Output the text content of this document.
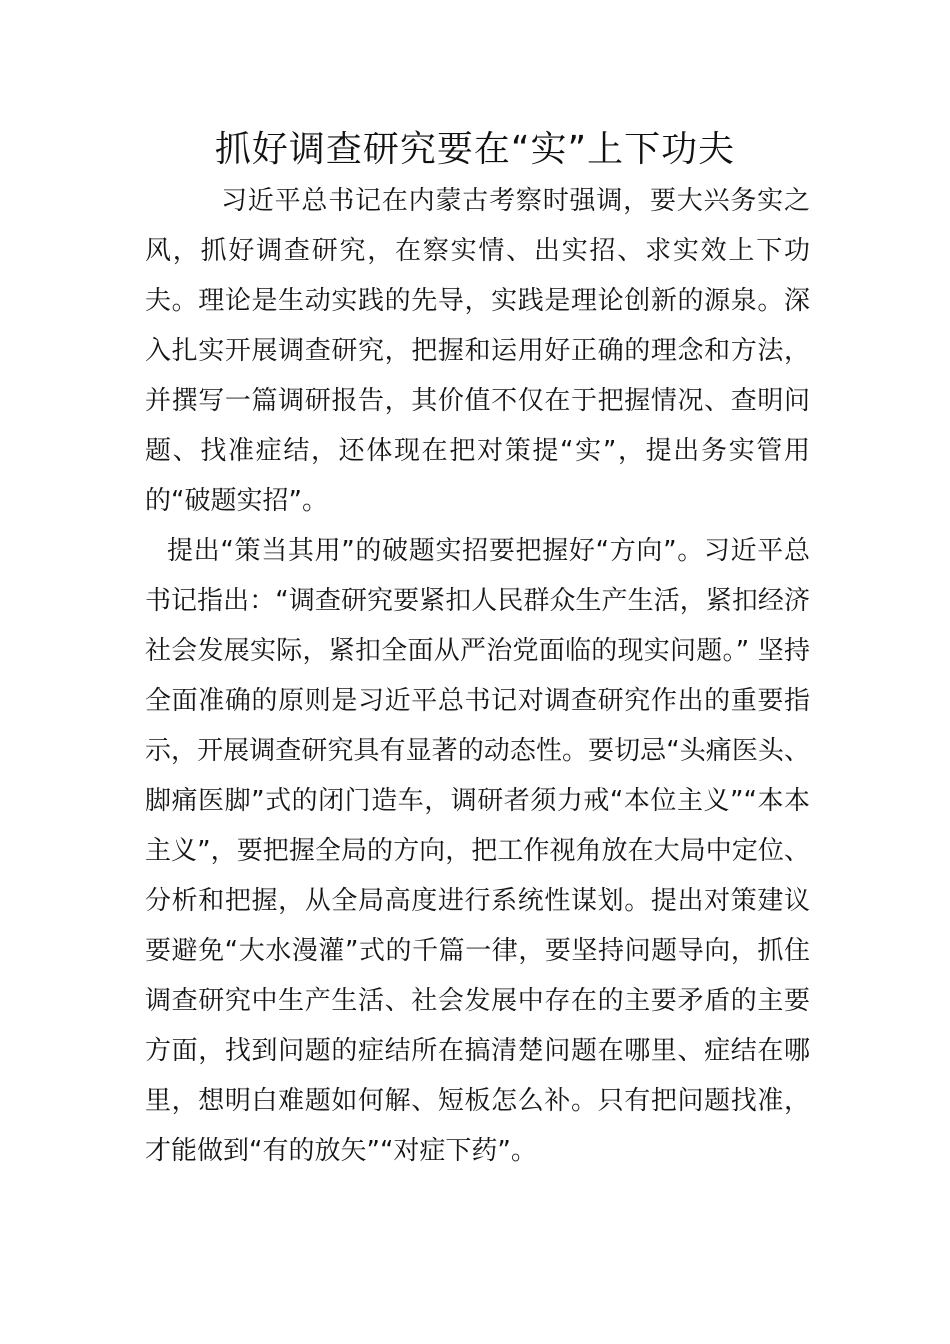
抓好调查研究要在“实”上下功夫

习近平总书记在内蒙古考察时强调，要大兴务实之风，抓好调查研究，在察实情、出实招、求实效上下功夫。理论是生动实践的先导，实践是理论创新的源泉。深入扎实开展调查研究，把握和运用好正确的理念和方法，并撰写一篇调研报告，其价值不仅在于把握情况、查明问题、找准症结，还体现在把对策提“实”，提出务实管用的“破题实招”。

提出“策当其用”的破题实招要把握好“方向”。习近平总书记指出：“调查研究要紧扣人民群众生产生活，紧扣经济社会发展实际，紧扣全面从严治党面临的现实问题。” 坚持全面准确的原则是习近平总书记对调查研究作出的重要指示，开展调查研究具有显著的动态性。要切忌“头痛医头、脚痛医脚”式的闭门造车，调研者须力戒“本位主义”“本本主义”，要把握全局的方向，把工作视角放在大局中定位、分析和把握，从全局高度进行系统性谋划。提出对策建议要避免“大水漫灌”式的千篇一律，要坚持问题导向，抓住调查研究中生产生活、社会发展中存在的主要矛盾的主要方面，找到问题的症结所在搞清楚问题在哪里、症结在哪里，想明白难题如何解、短板怎么补。只有把问题找准，才能做到“有的放矢”“对症下药”。
